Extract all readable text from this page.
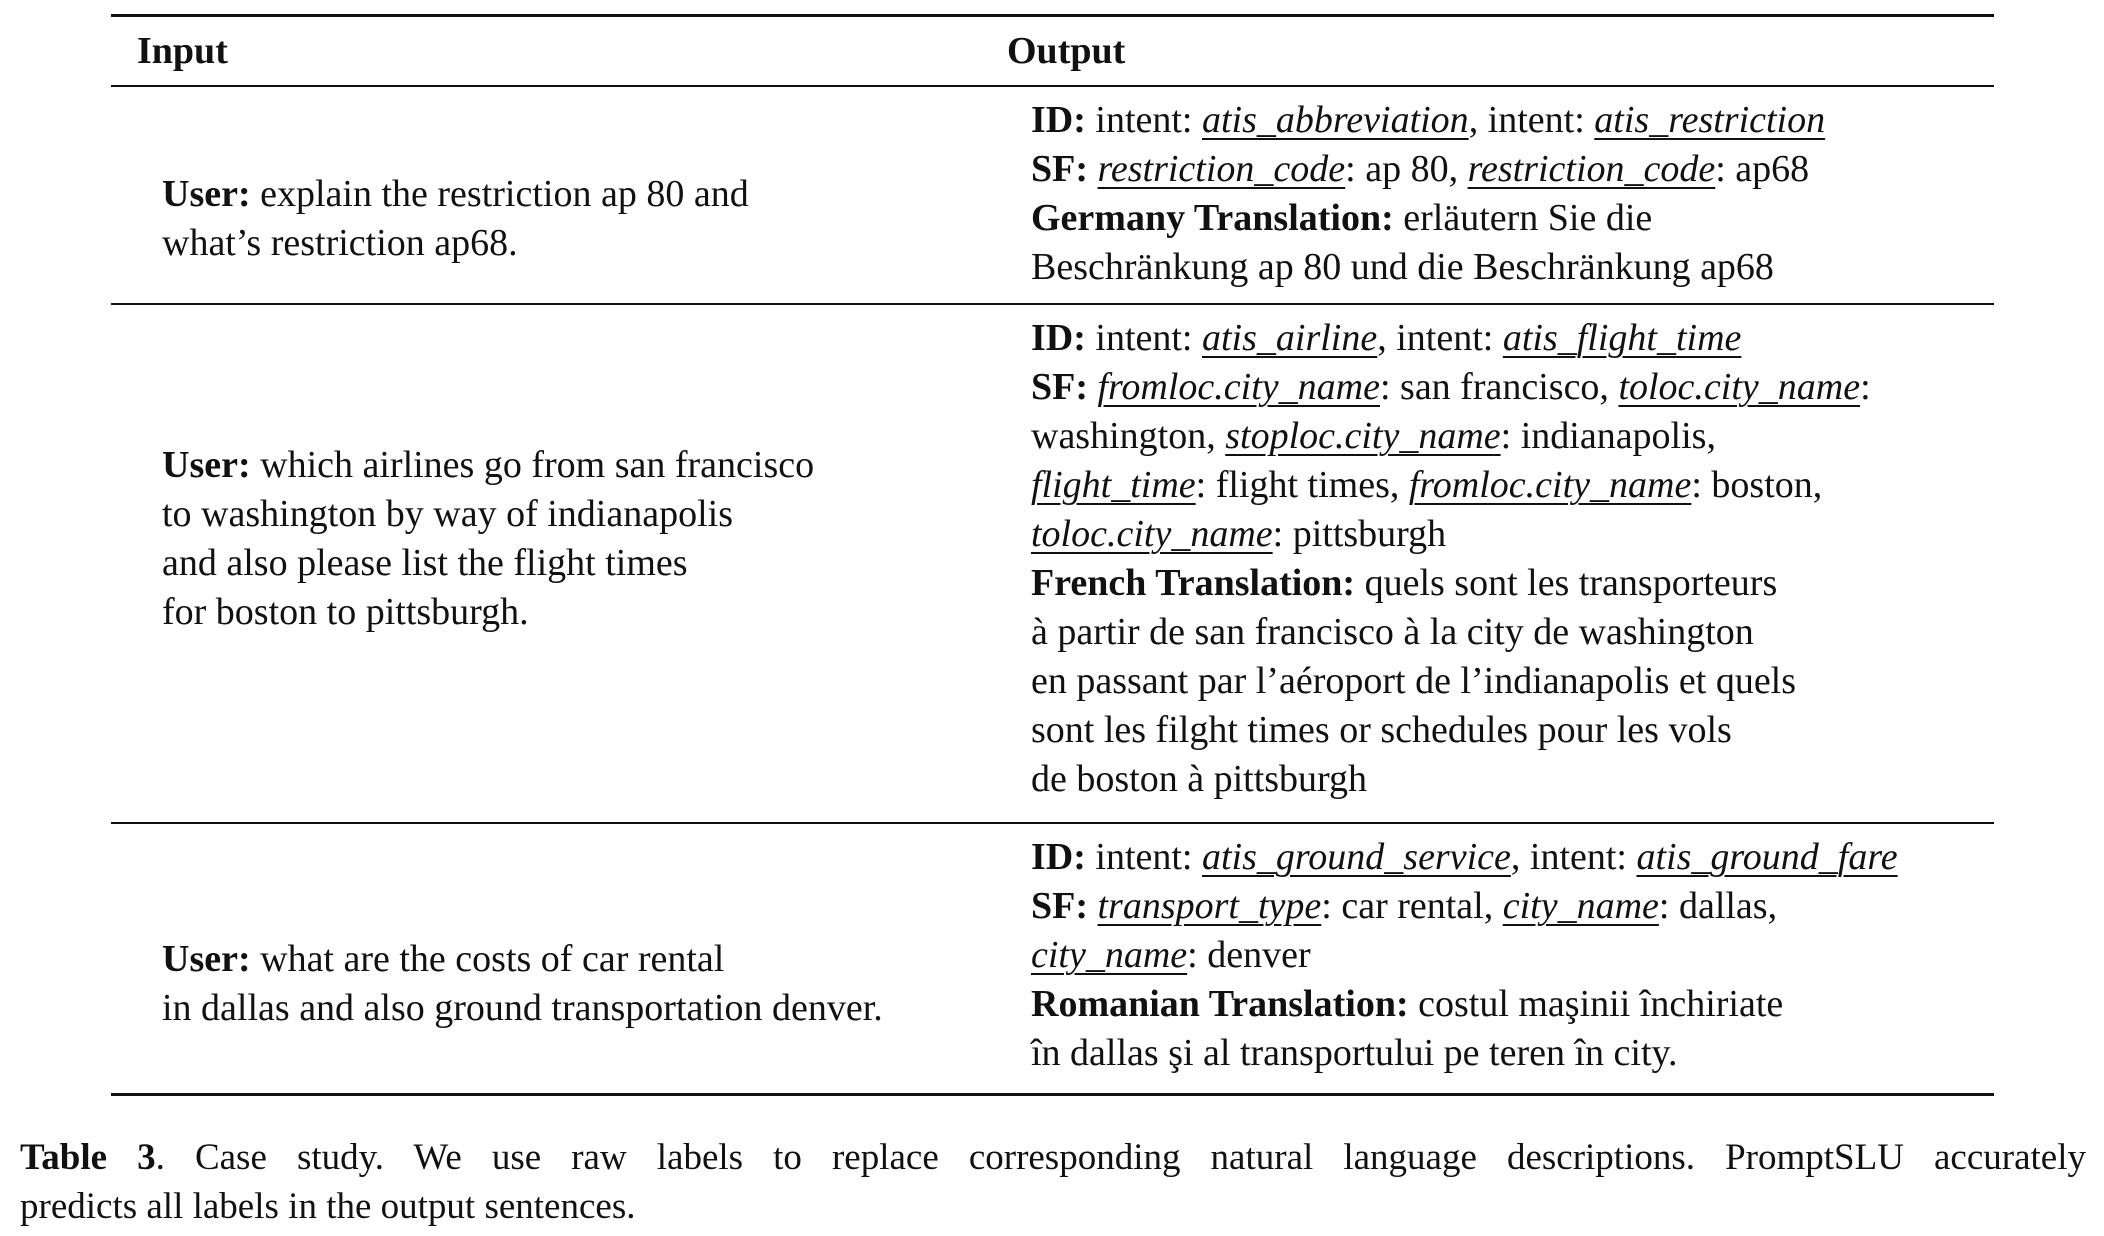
Input	Output
User: explain the restriction ap 80 and
what’s restriction ap68.
ID: intent: atis_abbreviation, intent: atis_restriction
SF: restriction_code: ap 80, restriction_code: ap68
Germany Translation: erläutern Sie die
Beschränkung ap 80 und die Beschränkung ap68
User: which airlines go from san francisco
to washington by way of indianapolis
and also please list the flight times
for boston to pittsburgh.
ID: intent: atis_airline, intent: atis_flight_time
SF: fromloc.city_name: san francisco, toloc.city_name:
washington, stoploc.city_name: indianapolis,
flight_time: flight times, fromloc.city_name: boston,
toloc.city_name: pittsburgh
French Translation: quels sont les transporteurs
à partir de san francisco à la city de washington
en passant par l’aéroport de l’indianapolis et quels
sont les filght times or schedules pour les vols
de boston à pittsburgh
User: what are the costs of car rental
in dallas and also ground transportation denver.
ID: intent: atis_ground_service, intent: atis_ground_fare
SF: transport_type: car rental, city_name: dallas,
city_name: denver
Romanian Translation: costul maşinii închiriate
în dallas şi al transportului pe teren în city.
Table 3. Case study. We use raw labels to replace corresponding natural language descriptions. PromptSLU accurately
predicts all labels in the output sentences.
